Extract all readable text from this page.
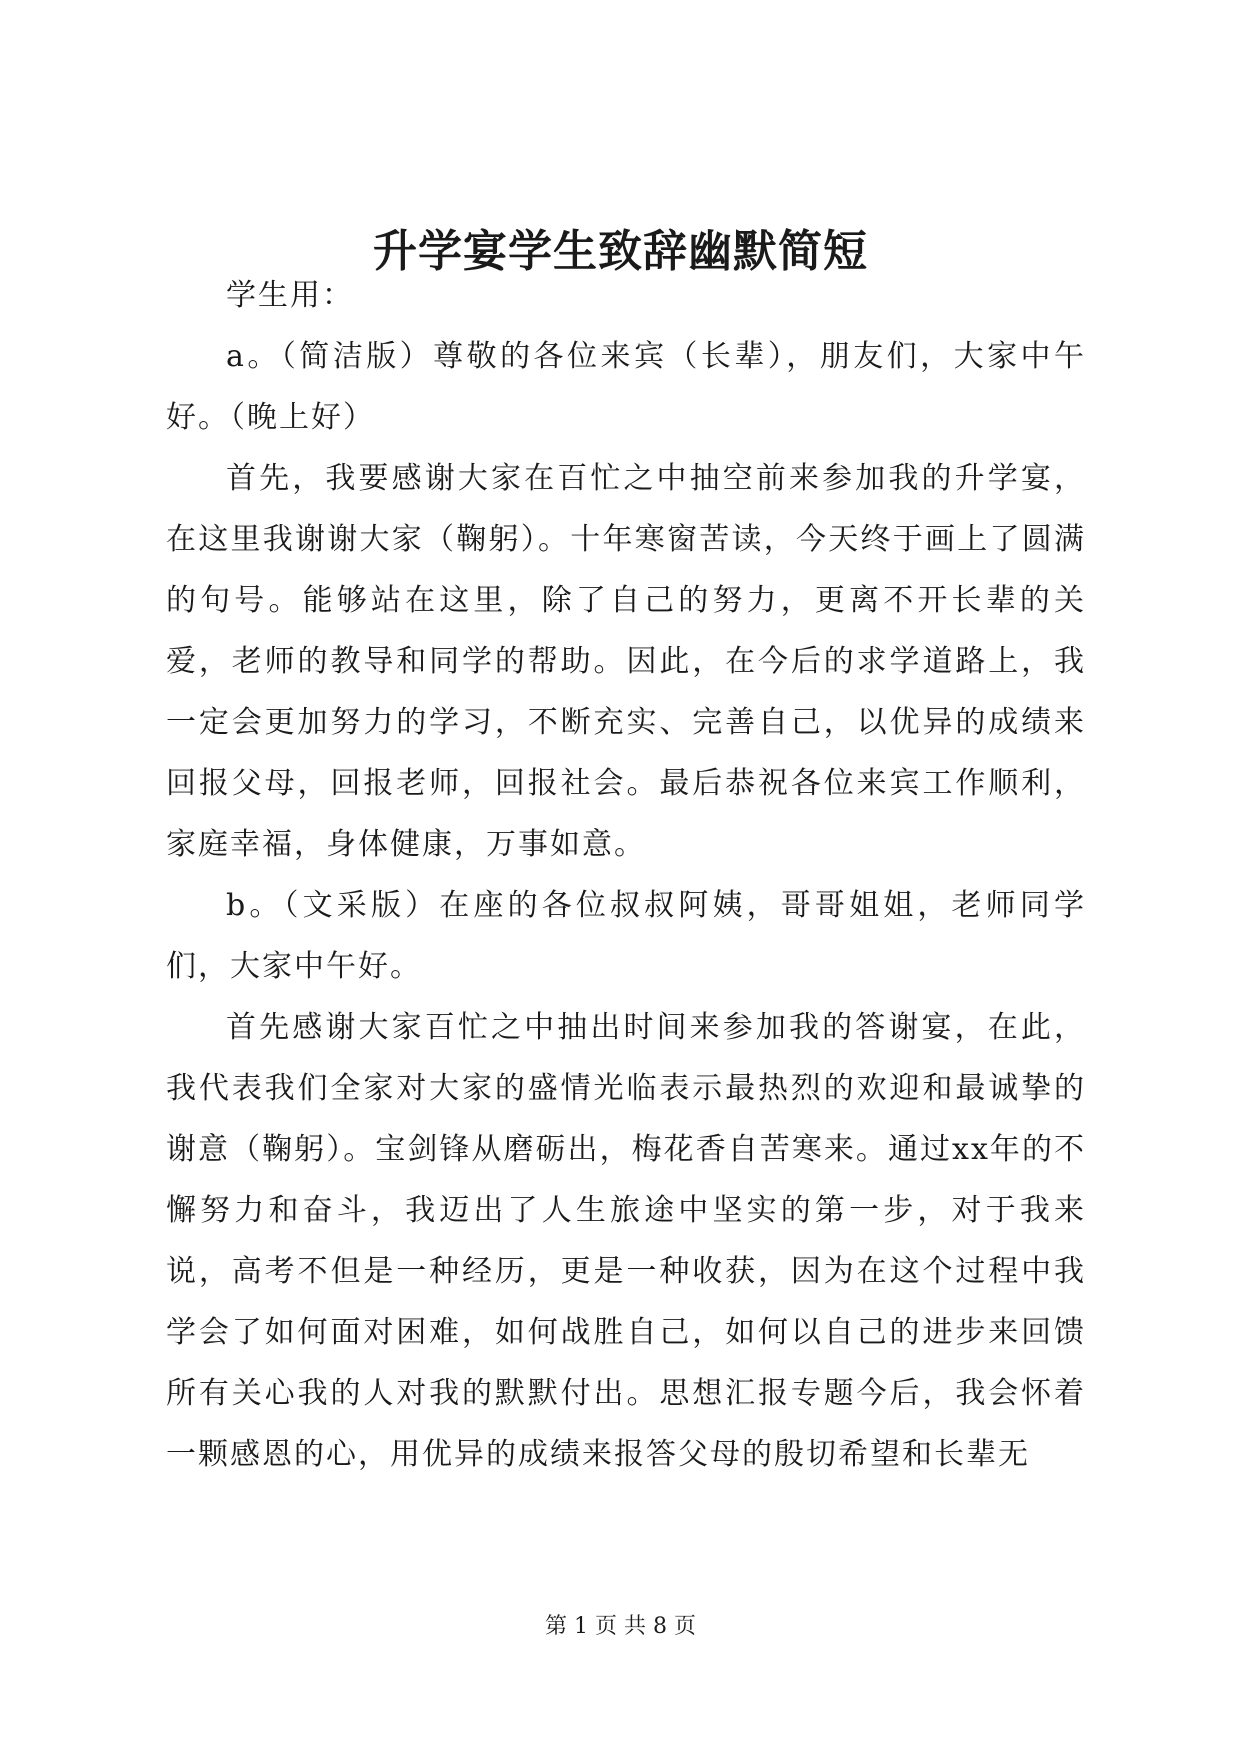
升学宴学生致辞幽默简短

学生用：

a。（简洁版）尊敬的各位来宾（长辈），朋友们，大家中午好。（晚上好）

首先，我要感谢大家在百忙之中抽空前来参加我的升学宴，在这里我谢谢大家（鞠躬）。十年寒窗苦读，今天终于画上了圆满的句号。能够站在这里，除了自己的努力，更离不开长辈的关爱，老师的教导和同学的帮助。因此，在今后的求学道路上，我一定会更加努力的学习，不断充实、完善自己，以优异的成绩来回报父母，回报老师，回报社会。最后恭祝各位来宾工作顺利，家庭幸福，身体健康，万事如意。

b。（文采版）在座的各位叔叔阿姨，哥哥姐姐，老师同学们，大家中午好。

首先感谢大家百忙之中抽出时间来参加我的答谢宴，在此，我代表我们全家对大家的盛情光临表示最热烈的欢迎和最诚挚的谢意（鞠躬）。宝剑锋从磨砺出，梅花香自苦寒来。通过xx年的不懈努力和奋斗，我迈出了人生旅途中坚实的第一步，对于我来说，高考不但是一种经历，更是一种收获，因为在这个过程中我学会了如何面对困难，如何战胜自己，如何以自己的进步来回馈所有关心我的人对我的默默付出。思想汇报专题今后，我会怀着一颗感恩的心，用优异的成绩来报答父母的殷切希望和长辈无

第 1 页 共 8 页
